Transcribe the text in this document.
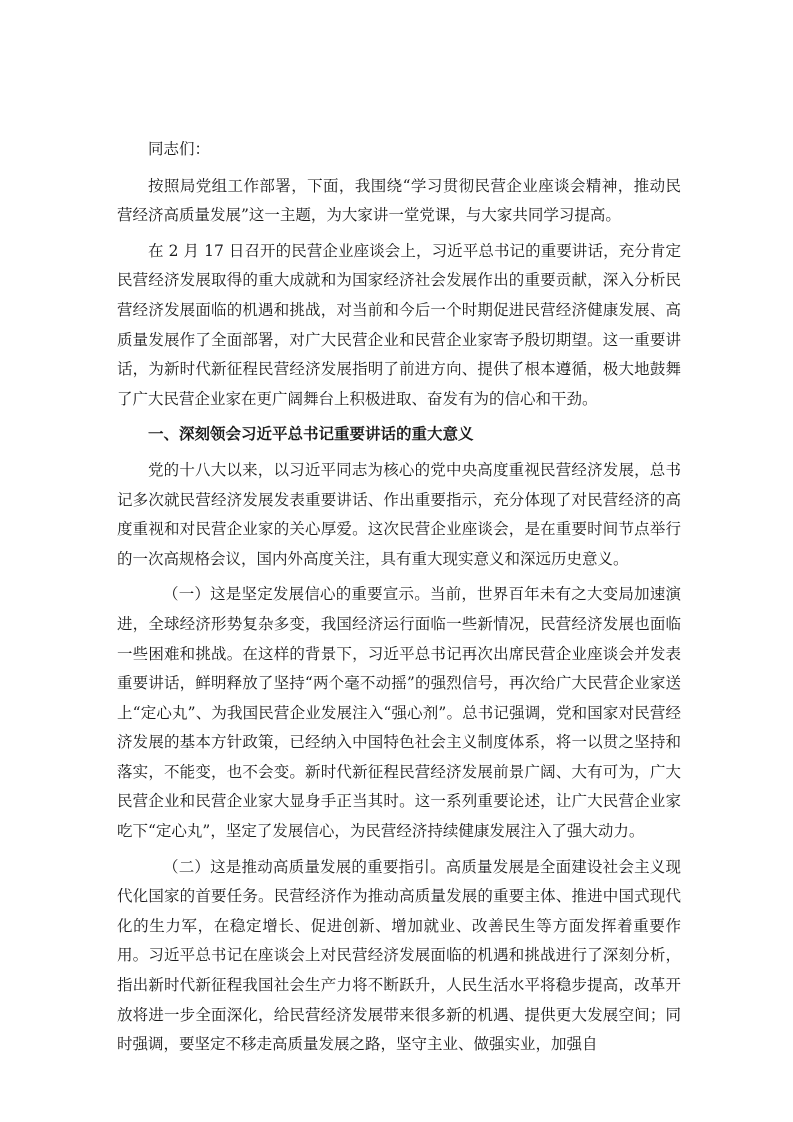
同志们：

按照局党组工作部署，下面，我围绕“学习贯彻民营企业座谈会精神，推动民营经济高质量发展”这一主题，为大家讲一堂党课，与大家共同学习提高。

在 2 月 17 日召开的民营企业座谈会上，习近平总书记的重要讲话，充分肯定民营经济发展取得的重大成就和为国家经济社会发展作出的重要贡献，深入分析民营经济发展面临的机遇和挑战，对当前和今后一个时期促进民营经济健康发展、高质量发展作了全面部署，对广大民营企业和民营企业家寄予殷切期望。这一重要讲话，为新时代新征程民营经济发展指明了前进方向、提供了根本遵循，极大地鼓舞了广大民营企业家在更广阔舞台上积极进取、奋发有为的信心和干劲。

一、深刻领会习近平总书记重要讲话的重大意义

党的十八大以来，以习近平同志为核心的党中央高度重视民营经济发展，总书记多次就民营经济发展发表重要讲话、作出重要指示，充分体现了对民营经济的高度重视和对民营企业家的关心厚爱。这次民营企业座谈会，是在重要时间节点举行的一次高规格会议，国内外高度关注，具有重大现实意义和深远历史意义。

（一）这是坚定发展信心的重要宣示。当前，世界百年未有之大变局加速演进，全球经济形势复杂多变，我国经济运行面临一些新情况，民营经济发展也面临一些困难和挑战。在这样的背景下，习近平总书记再次出席民营企业座谈会并发表重要讲话，鲜明释放了坚持“两个毫不动摇”的强烈信号，再次给广大民营企业家送上“定心丸”、为我国民营企业发展注入“强心剂”。总书记强调，党和国家对民营经济发展的基本方针政策，已经纳入中国特色社会主义制度体系，将一以贯之坚持和落实，不能变，也不会变。新时代新征程民营经济发展前景广阔、大有可为，广大民营企业和民营企业家大显身手正当其时。这一系列重要论述，让广大民营企业家吃下“定心丸”，坚定了发展信心，为民营经济持续健康发展注入了强大动力。

（二）这是推动高质量发展的重要指引。高质量发展是全面建设社会主义现代化国家的首要任务。民营经济作为推动高质量发展的重要主体、推进中国式现代化的生力军，在稳定增长、促进创新、增加就业、改善民生等方面发挥着重要作用。习近平总书记在座谈会上对民营经济发展面临的机遇和挑战进行了深刻分析，指出新时代新征程我国社会生产力将不断跃升，人民生活水平将稳步提高，改革开放将进一步全面深化，给民营经济发展带来很多新的机遇、提供更大发展空间；同时强调，要坚定不移走高质量发展之路，坚守主业、做强实业，加强自
